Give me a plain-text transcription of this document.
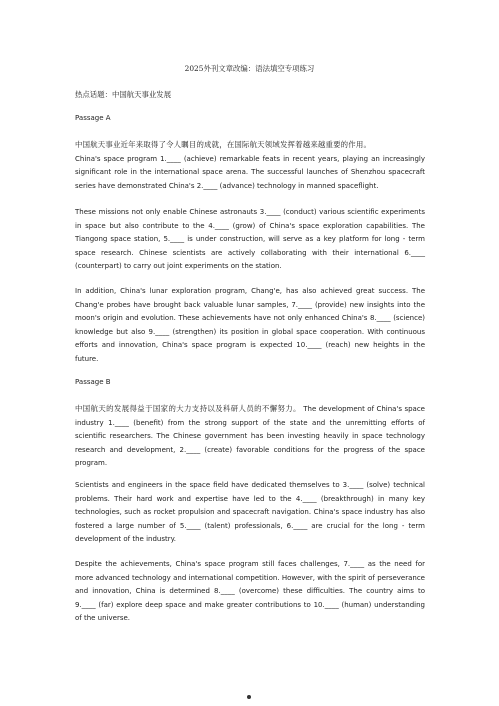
2025外刊文章改编：语法填空专项练习
热点话题：中国航天事业发展
Passage A

中国航天事业近年来取得了令人瞩目的成就，在国际航天领域发挥着越来越重要的作用。
China's space program 1.____ (achieve) remarkable feats in recent years, playing an increasingly significant role in the international space arena. The successful launches of Shenzhou spacecraft series have demonstrated China's 2.____ (advance) technology in manned spaceflight.

These missions not only enable Chinese astronauts 3.____ (conduct) various scientific experiments in space but also contribute to the 4.____ (grow) of China's space exploration capabilities. The Tiangong space station, 5.____ is under construction, will serve as a key platform for long - term space research. Chinese scientists are actively collaborating with their international 6.____ (counterpart) to carry out joint experiments on the station.

In addition, China's lunar exploration program, Chang'e, has also achieved great success. The Chang'e probes have brought back valuable lunar samples, 7.____ (provide) new insights into the moon's origin and evolution. These achievements have not only enhanced China's 8.____ (science) knowledge but also 9.____ (strengthen) its position in global space cooperation. With continuous efforts and innovation, China's space program is expected 10.____ (reach) new heights in the future.

Passage B

中国航天的发展得益于国家的大力支持以及科研人员的不懈努力。 The development of China's space industry 1.____ (benefit) from the strong support of the state and the unremitting efforts of scientific researchers. The Chinese government has been investing heavily in space technology research and development, 2.____ (create) favorable conditions for the progress of the space program.

Scientists and engineers in the space field have dedicated themselves to 3.____ (solve) technical problems. Their hard work and expertise have led to the 4.____ (breakthrough) in many key technologies, such as rocket propulsion and spacecraft navigation. China's space industry has also fostered a large number of 5.____ (talent) professionals, 6.____ are crucial for the long - term development of the industry.

Despite the achievements, China's space program still faces challenges, 7.____ as the need for more advanced technology and international competition. However, with the spirit of perseverance and innovation, China is determined 8.____ (overcome) these difficulties. The country aims to 9.____ (far) explore deep space and make greater contributions to 10.____ (human) understanding of the universe.
